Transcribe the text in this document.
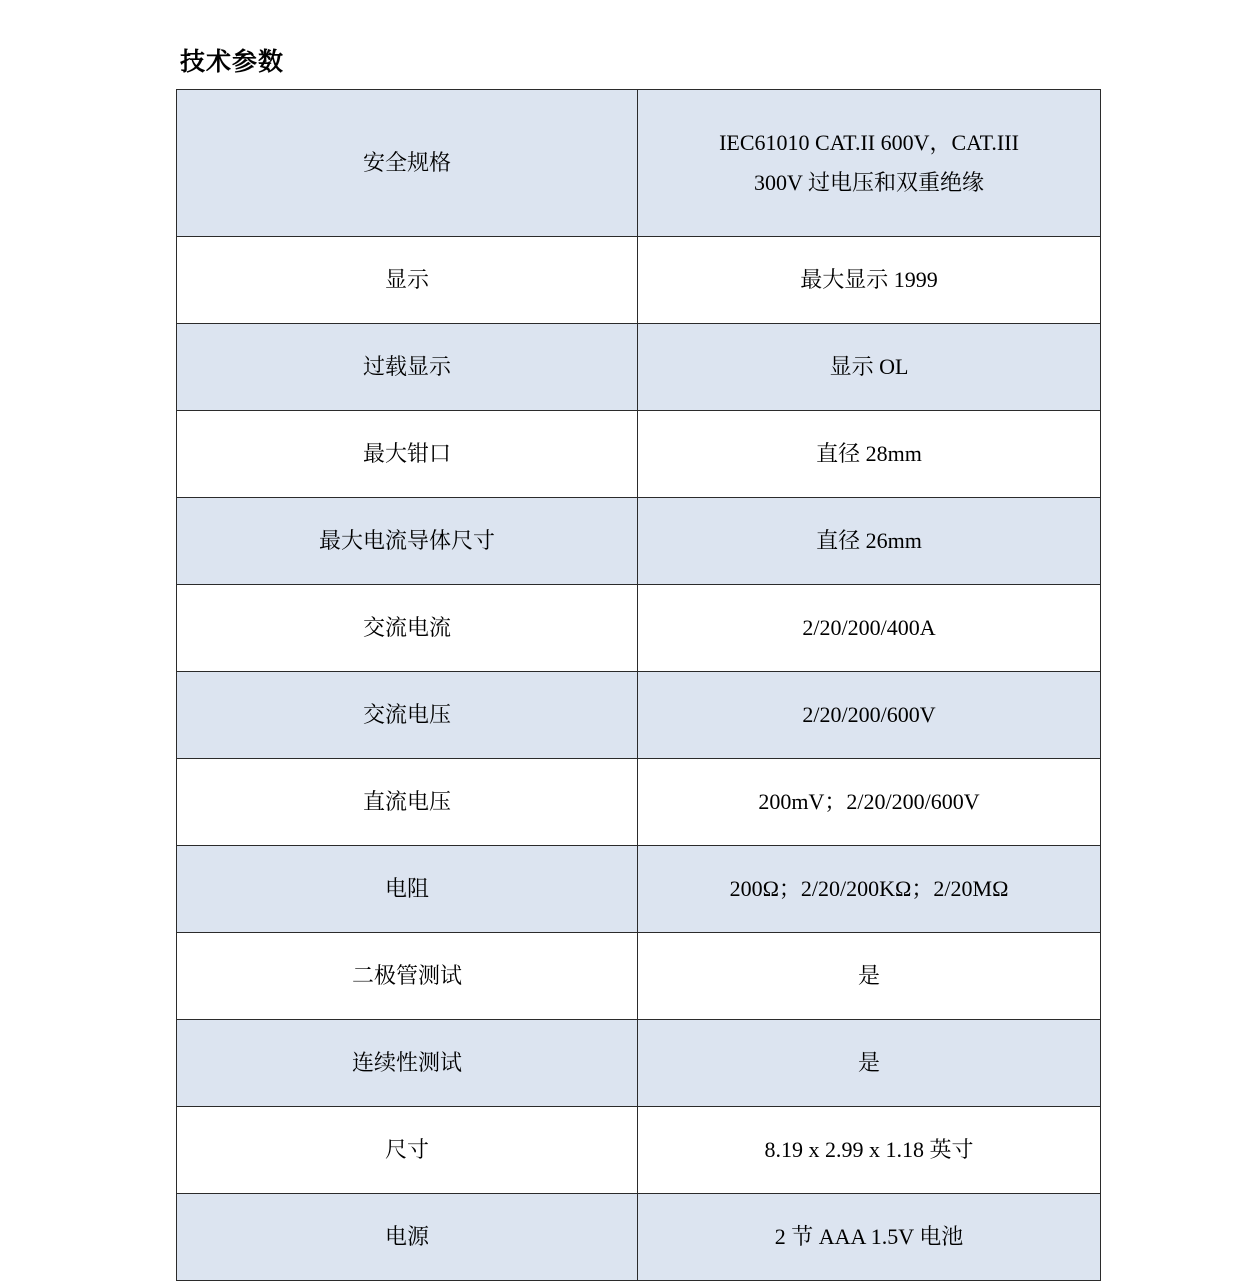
技术参数
安全规格	IEC61010 CAT.II 600V，CAT.III
300V 过电压和双重绝缘

显示	最大显示 1999
过载显示	显示 OL
最大钳口	直径 28mm
最大电流导体尺寸	直径 26mm
交流电流	2/20/200/400A
交流电压	2/20/200/600V
直流电压	200mV；2/20/200/600V
电阻	200Ω；2/20/200KΩ；2/20MΩ
二极管测试	是
连续性测试	是
尺寸	8.19 x 2.99 x 1.18 英寸
电源	2 节 AAA 1.5V 电池
